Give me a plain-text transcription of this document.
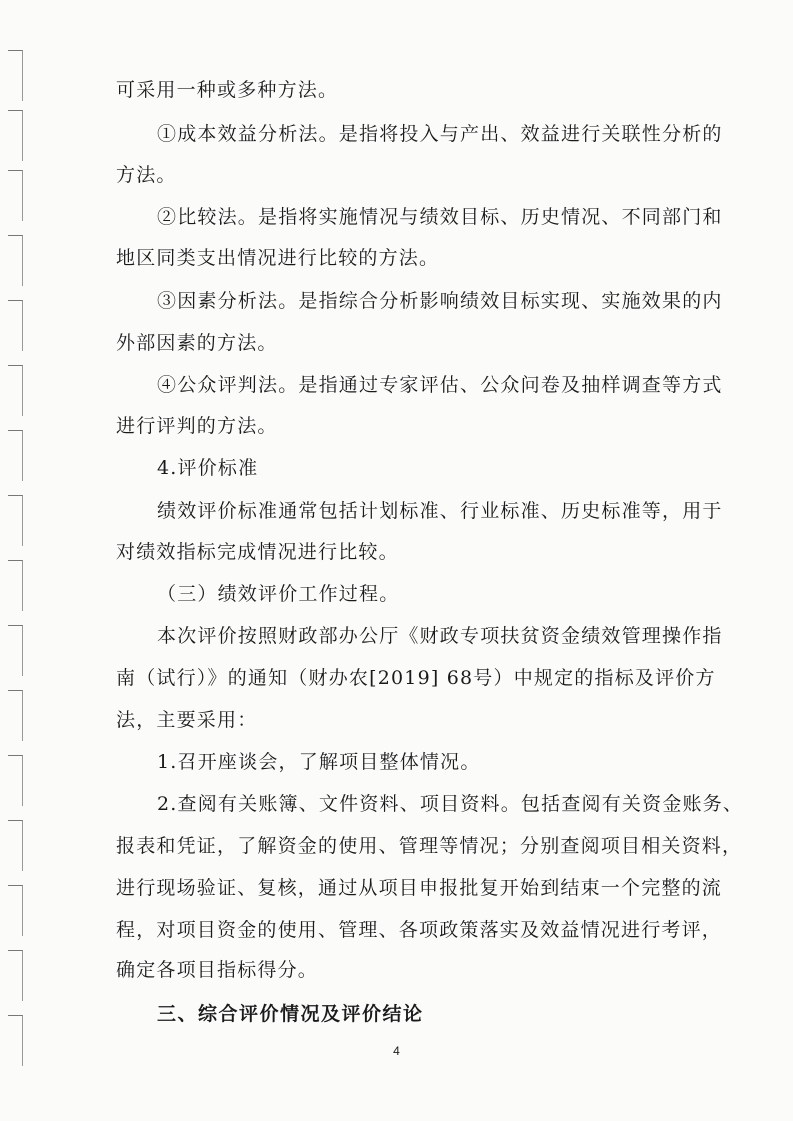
可采用一种或多种方法。
①成本效益分析法。是指将投入与产出、效益进行关联性分析的
方法。
②比较法。是指将实施情况与绩效目标、历史情况、不同部门和
地区同类支出情况进行比较的方法。
③因素分析法。是指综合分析影响绩效目标实现、实施效果的内
外部因素的方法。
④公众评判法。是指通过专家评估、公众问卷及抽样调查等方式
进行评判的方法。
4.评价标准
绩效评价标准通常包括计划标准、行业标准、历史标准等，用于
对绩效指标完成情况进行比较。
（三）绩效评价工作过程。
本次评价按照财政部办公厅《财政专项扶贫资金绩效管理操作指
南（试行）》的通知（财办农[2019] 68号）中规定的指标及评价方
法，主要采用：
1.召开座谈会，了解项目整体情况。
2.查阅有关账簿、文件资料、项目资料。包括查阅有关资金账务、
报表和凭证，了解资金的使用、管理等情况；分别查阅项目相关资料，
进行现场验证、复核，通过从项目申报批复开始到结束一个完整的流
程，对项目资金的使用、管理、各项政策落实及效益情况进行考评，
确定各项目指标得分。
三、综合评价情况及评价结论
4
